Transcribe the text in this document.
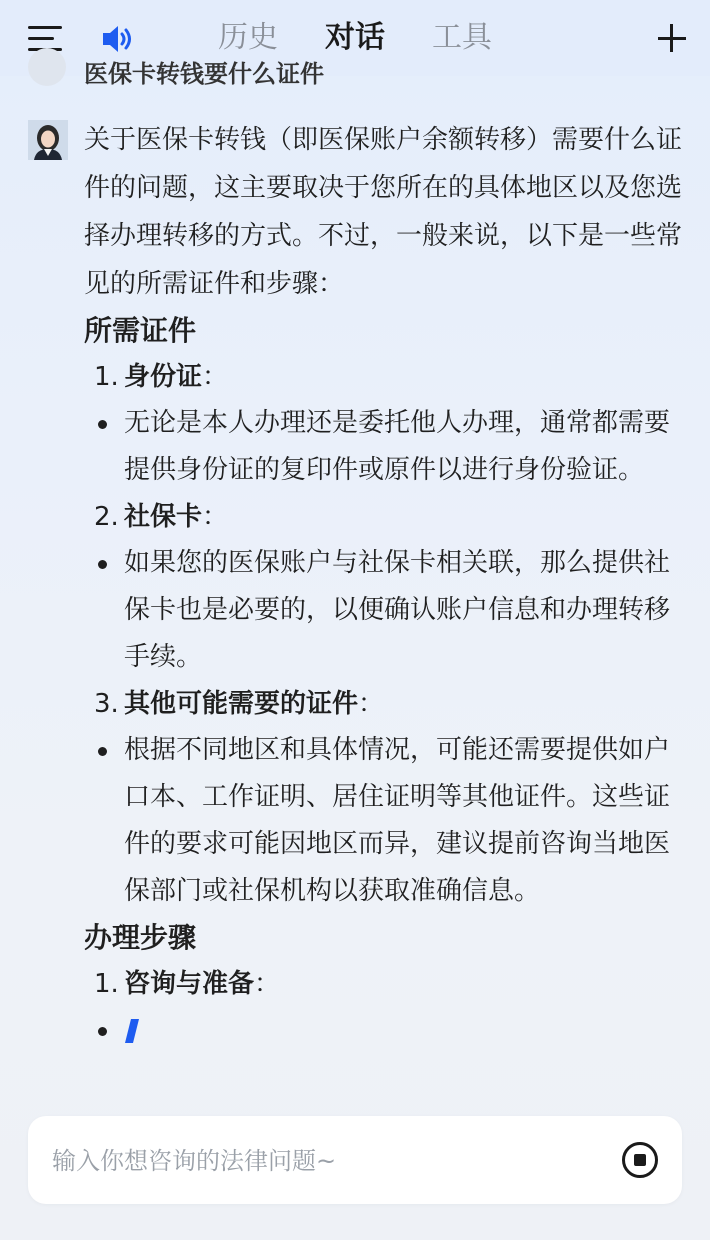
历史 对话 工具
医保卡转钱要什么证件

关于医保卡转钱（即医保账户余额转移）需要什么证件的问题，这主要取决于您所在的具体地区以及您选择办理转移的方式。不过，一般来说，以下是一些常见的所需证件和步骤：

所需证件
1. 身份证：
无论是本人办理还是委托他人办理，通常都需要提供身份证的复印件或原件以进行身份验证。
2. 社保卡：
如果您的医保账户与社保卡相关联，那么提供社保卡也是必要的，以便确认账户信息和办理转移手续。
3. 其他可能需要的证件：
根据不同地区和具体情况，可能还需要提供如户口本、工作证明、居住证明等其他证件。这些证件的要求可能因地区而异，建议提前咨询当地医保部门或社保机构以获取准确信息。
办理步骤
1. 咨询与准备：
输入你想咨询的法律问题~
